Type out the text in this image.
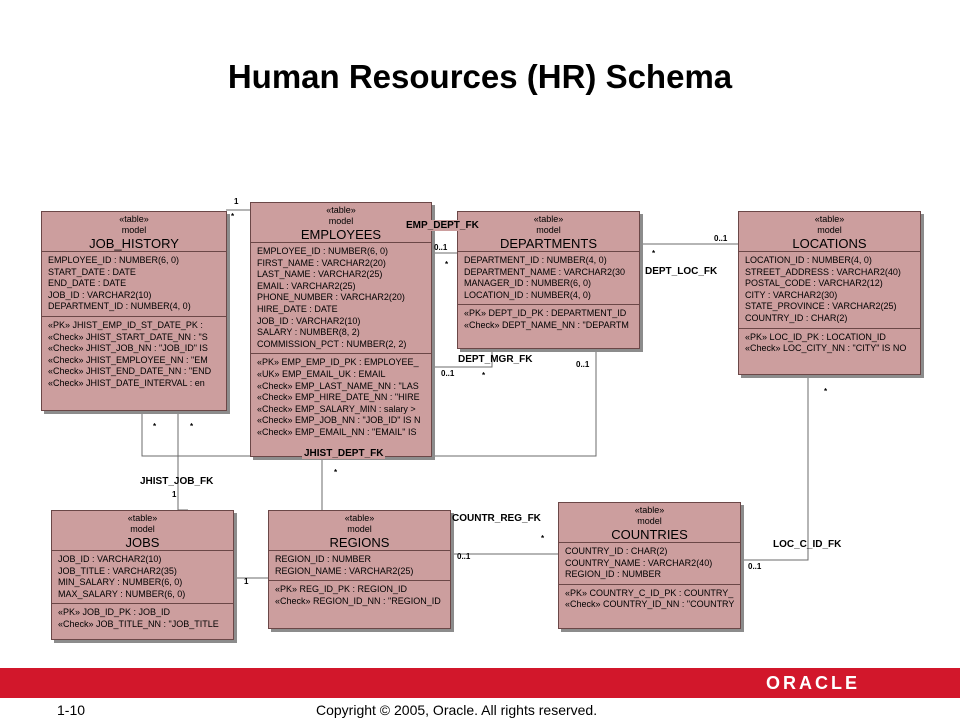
Human Resources (HR) Schema
«table»
model
JOB_HISTORY
EMPLOYEE_ID : NUMBER(6, 0)
START_DATE : DATE
END_DATE : DATE
JOB_ID : VARCHAR2(10)
DEPARTMENT_ID : NUMBER(4, 0)
«PK» JHIST_EMP_ID_ST_DATE_PK :
«Check» JHIST_START_DATE_NN : "S
«Check» JHIST_JOB_NN : "JOB_ID" IS
«Check» JHIST_EMPLOYEE_NN : "EM
«Check» JHIST_END_DATE_NN : "END
«Check» JHIST_DATE_INTERVAL : en
«table»
model
EMPLOYEES
EMPLOYEE_ID : NUMBER(6, 0)
FIRST_NAME : VARCHAR2(20)
LAST_NAME : VARCHAR2(25)
EMAIL : VARCHAR2(25)
PHONE_NUMBER : VARCHAR2(20)
HIRE_DATE : DATE
JOB_ID : VARCHAR2(10)
SALARY : NUMBER(8, 2)
COMMISSION_PCT : NUMBER(2, 2)
«PK» EMP_EMP_ID_PK : EMPLOYEE_
«UK» EMP_EMAIL_UK : EMAIL
«Check» EMP_LAST_NAME_NN : "LAS
«Check» EMP_HIRE_DATE_NN : "HIRE
«Check» EMP_SALARY_MIN : salary >
«Check» EMP_JOB_NN : "JOB_ID" IS N
«Check» EMP_EMAIL_NN : "EMAIL" IS
«table»
model
DEPARTMENTS
DEPARTMENT_ID : NUMBER(4, 0)
DEPARTMENT_NAME : VARCHAR2(30
MANAGER_ID : NUMBER(6, 0)
LOCATION_ID : NUMBER(4, 0)
«PK» DEPT_ID_PK : DEPARTMENT_ID
«Check» DEPT_NAME_NN : "DEPARTM
«table»
model
LOCATIONS
LOCATION_ID : NUMBER(4, 0)
STREET_ADDRESS : VARCHAR2(40)
POSTAL_CODE : VARCHAR2(12)
CITY : VARCHAR2(30)
STATE_PROVINCE : VARCHAR2(25)
COUNTRY_ID : CHAR(2)
«PK» LOC_ID_PK : LOCATION_ID
«Check» LOC_CITY_NN : "CITY" IS NO
«table»
model
JOBS
JOB_ID : VARCHAR2(10)
JOB_TITLE : VARCHAR2(35)
MIN_SALARY : NUMBER(6, 0)
MAX_SALARY : NUMBER(6, 0)
«PK» JOB_ID_PK : JOB_ID
«Check» JOB_TITLE_NN : "JOB_TITLE
«table»
model
REGIONS
REGION_ID : NUMBER
REGION_NAME : VARCHAR2(25)
«PK» REG_ID_PK : REGION_ID
«Check» REGION_ID_NN : "REGION_ID
«table»
model
COUNTRIES
COUNTRY_ID : CHAR(2)
COUNTRY_NAME : VARCHAR2(40)
REGION_ID : NUMBER
«PK» COUNTRY_C_ID_PK : COUNTRY_
«Check» COUNTRY_ID_NN : "COUNTRY
EMP_DEPT_FK
DEPT_LOC_FK
DEPT_MGR_FK
JHIST_DEPT_FK
JHIST_JOB_FK
COUNTR_REG_FK
LOC_C_ID_FK
1
*
0..1
*
*
0..1
0..1
0..1	*
*
*	*
*
1
*
0..1
0..1
1
ORACLE
1-10	Copyright © 2005, Oracle. All rights reserved.
